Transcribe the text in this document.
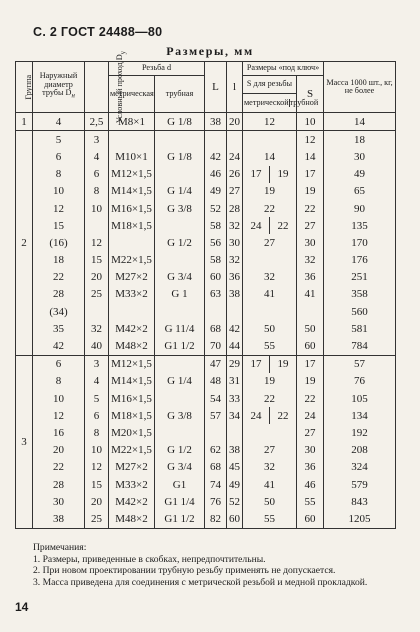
С. 2 ГОСТ 24488—80
Размеры, мм
Группа	Наружный диаметр трубы $D_н$	Условный проход $D_у$	Резьба d		L	l	Размеры «под ключ»		Масса 1000 шт., кг, не более
			метрическая	трубная			S для резьбы	S	

							метрической трубной		

1	4	2,5	M8×1	G 1/8	38	20	12	10	14
2	5	3						12	18
	6	4	M10×1	G 1/8	42	24	14	14	30
	8	6	M12×1,5		46	26	17 19	17	49
	10	8	M14×1,5	G 1/4	49	27	19	19	65
	12	10	M16×1,5	G 3/8	52	28	22	22	90
	15		M18×1,5		58	32	24 22	27	135
	(16)	12		G 1/2	56	30	27	30	170
	18	15	M22×1,5		58	32		32	176
	22	20	M27×2	G 3/4	60	36	32	36	251
	28	25	M33×2	G 1	63	38	41	41	358
	(34)								560
	35	32	M42×2	G 11/4	68	42	50	50	581
	42	40	M48×2	G1 1/2	70	44	55	60	784
3	6	3	M12×1,5		47	29	17 19	17	57
	8	4	M14×1,5	G 1/4	48	31	19	19	76
	10	5	M16×1,5		54	33	22	22	105
	12	6	M18×1,5	G 3/8	57	34	24 22	24	134
	16	8	M20×1,5					27	192
	20	10	M22×1,5	G 1/2	62	38	27	30	208
	22	12	M27×2	G 3/4	68	45	32	36	324
	28	15	M33×2	G1	74	49	41	46	579
	30	20	M42×2	G1 1/4	76	52	50	55	843
	38	25	M48×2	G1 1/2	82	60	55	60	1205
Примечания:
1. Размеры, приведенные в скобках, непредпочтительны.
2. При новом проектировании трубную резьбу применять не допускается.
3. Масса приведена для соединения с метрической резьбой и медной прокладкой.
14
